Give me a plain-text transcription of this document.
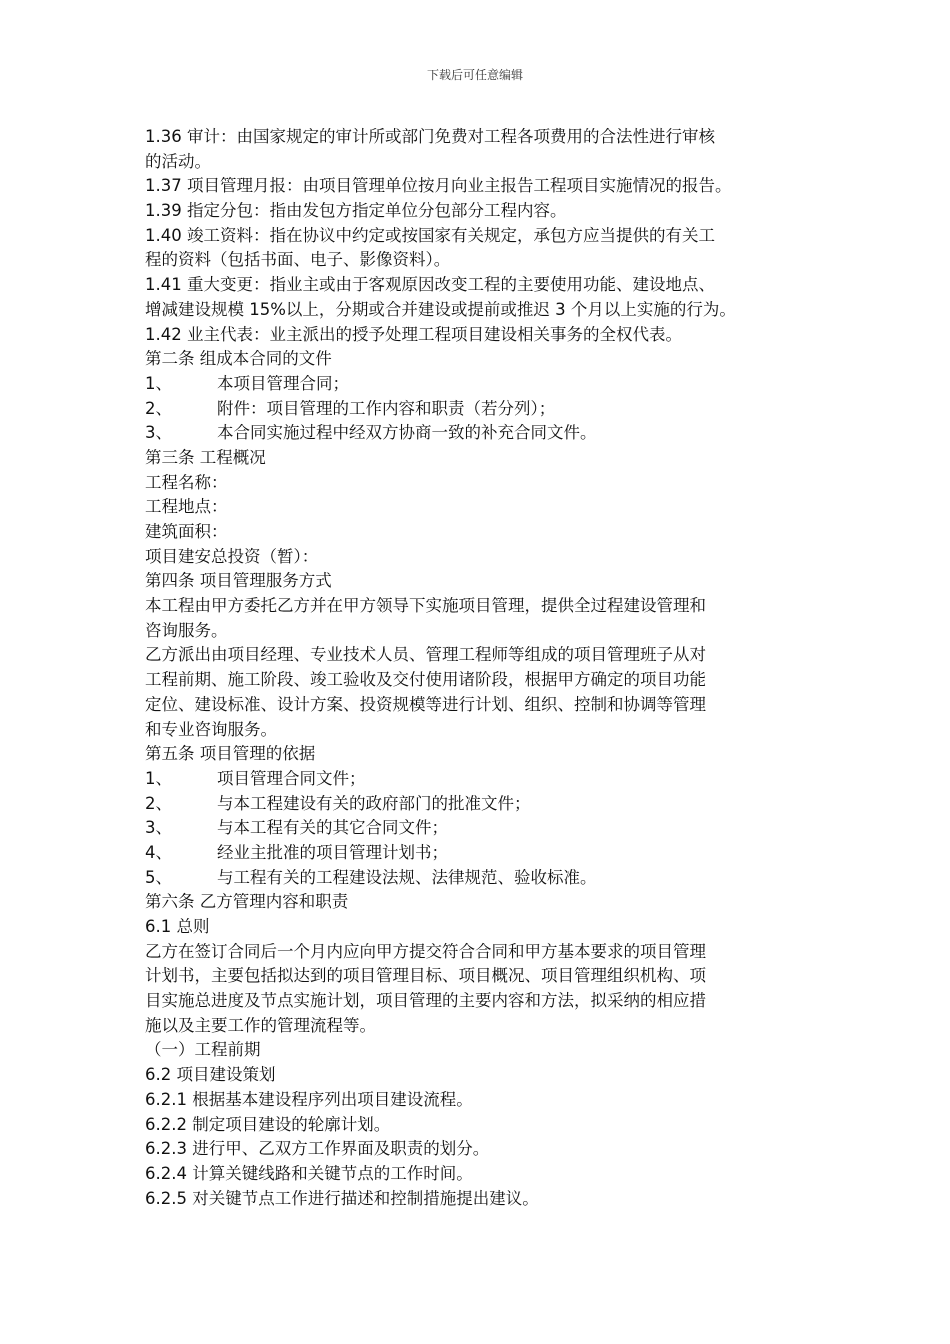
下载后可任意编辑
1.36 审计：由国家规定的审计所或部门免费对工程各项费用的合法性进行审核
的活动。
1.37 项目管理月报：由项目管理单位按月向业主报告工程项目实施情况的报告。
1.39 指定分包：指由发包方指定单位分包部分工程内容。
1.40 竣工资料：指在协议中约定或按国家有关规定，承包方应当提供的有关工
程的资料（包括书面、电子、影像资料）。
1.41 重大变更：指业主或由于客观原因改变工程的主要使用功能、建设地点、
增减建设规模 15%以上，分期或合并建设或提前或推迟 3 个月以上实施的行为。
1.42 业主代表：业主派出的授予处理工程项目建设相关事务的全权代表。
第二条 组成本合同的文件
1、	本项目管理合同；
2、	附件：项目管理的工作内容和职责（若分列）；
3、	本合同实施过程中经双方协商一致的补充合同文件。
第三条 工程概况
工程名称：
工程地点：
建筑面积：
项目建安总投资（暂）：
第四条 项目管理服务方式
本工程由甲方委托乙方并在甲方领导下实施项目管理，提供全过程建设管理和
咨询服务。
乙方派出由项目经理、专业技术人员、管理工程师等组成的项目管理班子从对
工程前期、施工阶段、竣工验收及交付使用诸阶段，根据甲方确定的项目功能
定位、建设标准、设计方案、投资规模等进行计划、组织、控制和协调等管理
和专业咨询服务。
第五条 项目管理的依据
1、	项目管理合同文件；
2、	与本工程建设有关的政府部门的批准文件；
3、	与本工程有关的其它合同文件；
4、	经业主批准的项目管理计划书；
5、	与工程有关的工程建设法规、法律规范、验收标准。
第六条 乙方管理内容和职责
6.1 总则
乙方在签订合同后一个月内应向甲方提交符合合同和甲方基本要求的项目管理
计划书，主要包括拟达到的项目管理目标、项目概况、项目管理组织机构、项
目实施总进度及节点实施计划，项目管理的主要内容和方法，拟采纳的相应措
施以及主要工作的管理流程等。
（一）工程前期
6.2 项目建设策划
6.2.1 根据基本建设程序列出项目建设流程。
6.2.2 制定项目建设的轮廓计划。
6.2.3 进行甲、乙双方工作界面及职责的划分。
6.2.4 计算关键线路和关键节点的工作时间。
6.2.5 对关键节点工作进行描述和控制措施提出建议。
